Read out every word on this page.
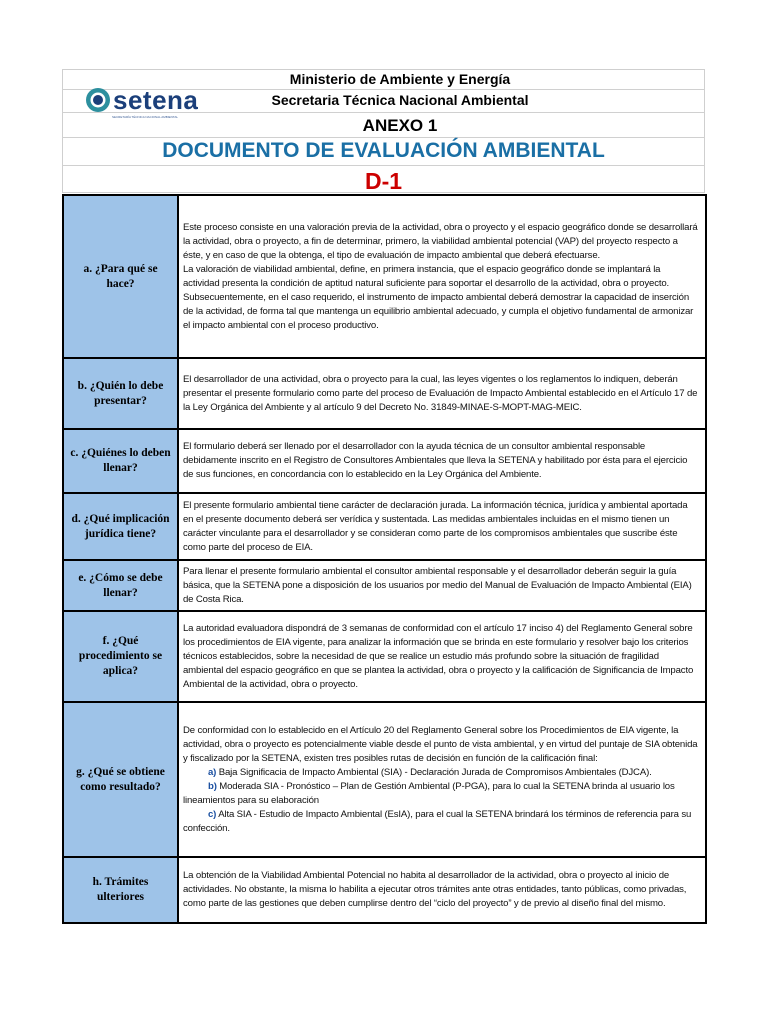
setena
SECRETARÍA TÉCNICA NACIONAL AMBIENTAL
Ministerio de Ambiente y Energía
Secretaria Técnica Nacional Ambiental
ANEXO 1
DOCUMENTO DE EVALUACIÓN AMBIENTAL
D-1
a. ¿Para qué se hace?	Este proceso consiste en una valoración previa de la actividad, obra o proyecto y el espacio geográfico donde se desarrollará la actividad, obra o proyecto, a fin de determinar, primero, la viabilidad ambiental potencial (VAP) del proyecto respecto a éste, y en caso de que la obtenga, el tipo de evaluación de impacto ambiental que deberá efectuarse.

La valoración de viabilidad ambiental, define, en primera instancia, que el espacio geográfico donde se implantará la actividad presenta la condición de aptitud natural suficiente para soportar el desarrollo de la actividad, obra o proyecto.

Subsecuentemente, en el caso requerido, el instrumento de impacto ambiental deberá demostrar la capacidad de inserción de la actividad, de forma tal que mantenga un equilibrio ambiental adecuado, y cumpla el objetivo fundamental de armonizar el impacto ambiental con el proceso productivo.

b. ¿Quién lo debe presentar?	El desarrollador de una actividad, obra o proyecto para la cual, las leyes vigentes o los reglamentos lo indiquen, deberán presentar el presente formulario como parte del proceso de Evaluación de Impacto Ambiental establecido en el Artículo 17 de la Ley Orgánica del Ambiente y al artículo 9 del Decreto No. 31849-MINAE-S-MOPT-MAG-MEIC.

c. ¿Quiénes lo deben llenar?	El formulario deberá ser llenado por el desarrollador con la ayuda técnica de un consultor ambiental responsable debidamente inscrito en el Registro de Consultores Ambientales que lleva la SETENA y habilitado por ésta para el ejercicio de sus funciones, en concordancia con lo establecido en la Ley Orgánica del Ambiente.

d. ¿Qué implicación jurídica tiene?	El presente formulario ambiental tiene carácter de declaración jurada. La información técnica, jurídica y ambiental aportada en el presente documento deberá ser verídica y sustentada. Las medidas ambientales incluidas en el mismo tienen un carácter vinculante para el desarrollador y se consideran como parte de los compromisos ambientales que suscribe éste como parte del proceso de EIA.

e. ¿Cómo se debe llenar?	Para llenar el presente formulario ambiental el consultor ambiental responsable y el desarrollador deberán seguir la guía básica, que la SETENA pone a disposición de los usuarios por medio del Manual de Evaluación de Impacto Ambiental (EIA) de Costa Rica.

f. ¿Qué procedimiento se aplica?	La autoridad evaluadora dispondrá de 3 semanas de conformidad con el artículo 17 inciso 4) del Reglamento General sobre los procedimientos de EIA vigente, para analizar la información que se brinda en este formulario y resolver bajo los criterios técnicos establecidos, sobre la necesidad de que se realice un estudio más profundo sobre la situación de fragilidad ambiental del espacio geográfico en que se plantea la actividad, obra o proyecto y la calificación de Significancia de Impacto Ambiental de la actividad, obra o proyecto.

g. ¿Qué se obtiene como resultado?	De conformidad con lo establecido en el Artículo 20 del Reglamento General sobre los Procedimientos de EIA vigente, la actividad, obra o proyecto es potencialmente viable desde el punto de vista ambiental, y en virtud del puntaje de SIA obtenida y fiscalizado por la SETENA, existen tres posibles rutas de decisión en función de la calificación final:

a) Baja Significacia de Impacto Ambiental (SIA) - Declaración Jurada de Compromisos Ambientales (DJCA).

b) Moderada SIA - Pronóstico – Plan de Gestión Ambiental (P-PGA), para lo cual la SETENA brinda al usuario los lineamientos para su elaboración

c) Alta SIA - Estudio de Impacto Ambiental (EsIA), para el cual la SETENA brindará los términos de referencia para su confección.

h. Trámites ulteriores	La obtención de la Viabilidad Ambiental Potencial no habita al desarrollador de la actividad, obra o proyecto al inicio de actividades. No obstante, la misma lo habilita a ejecutar otros trámites ante otras entidades, tanto públicas, como privadas, como parte de las gestiones que deben cumplirse dentro del “ciclo del proyecto” y de previo al diseño final del mismo.
